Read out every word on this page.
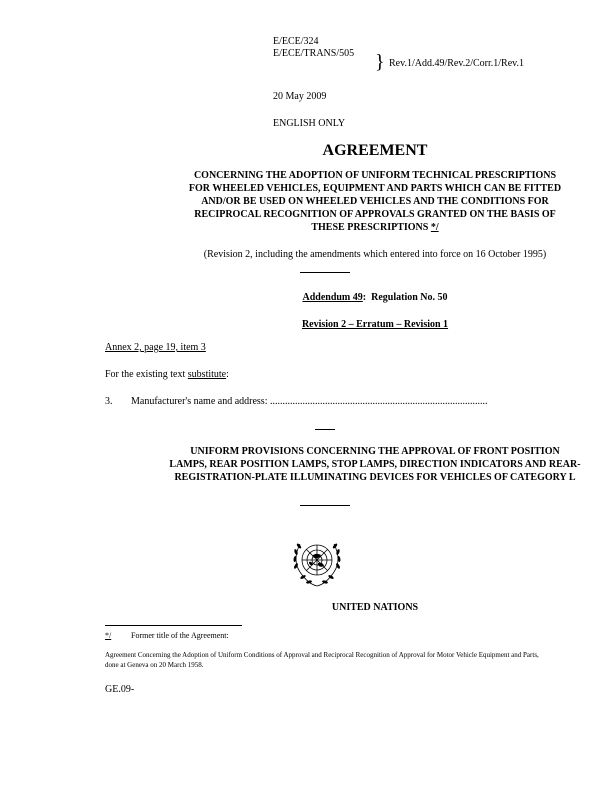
E/ECE/324
E/ECE/TRANS/505 } Rev.1/Add.49/Rev.2/Corr.1/Rev.1
20 May 2009
ENGLISH ONLY
AGREEMENT
CONCERNING THE ADOPTION OF UNIFORM TECHNICAL PRESCRIPTIONS
FOR WHEELED VEHICLES, EQUIPMENT AND PARTS WHICH CAN BE FITTED
AND/OR BE USED ON WHEELED VEHICLES AND THE CONDITIONS FOR
RECIPROCAL RECOGNITION OF APPROVALS GRANTED ON THE BASIS OF
THESE PRESCRIPTIONS */
(Revision 2, including the amendments which entered into force on 16 October 1995)
Addendum 49:  Regulation No. 50
Revision 2 – Erratum – Revision 1
Annex 2, page 19, item 3
For the existing text substitute:
3. Manufacturer's name and address: .......................................................................................
UNIFORM PROVISIONS CONCERNING THE APPROVAL OF FRONT POSITION
LAMPS, REAR POSITION LAMPS, STOP LAMPS, DIRECTION INDICATORS AND REAR-
REGISTRATION-PLATE ILLUMINATING DEVICES FOR VEHICLES OF CATEGORY L
UNITED NATIONS
*/ Former title of the Agreement:
Agreement Concerning the Adoption of Uniform Conditions of Approval and Reciprocal Recognition of Approval for Motor Vehicle Equipment and Parts, done at Geneva on 20 March 1958.
GE.09-
